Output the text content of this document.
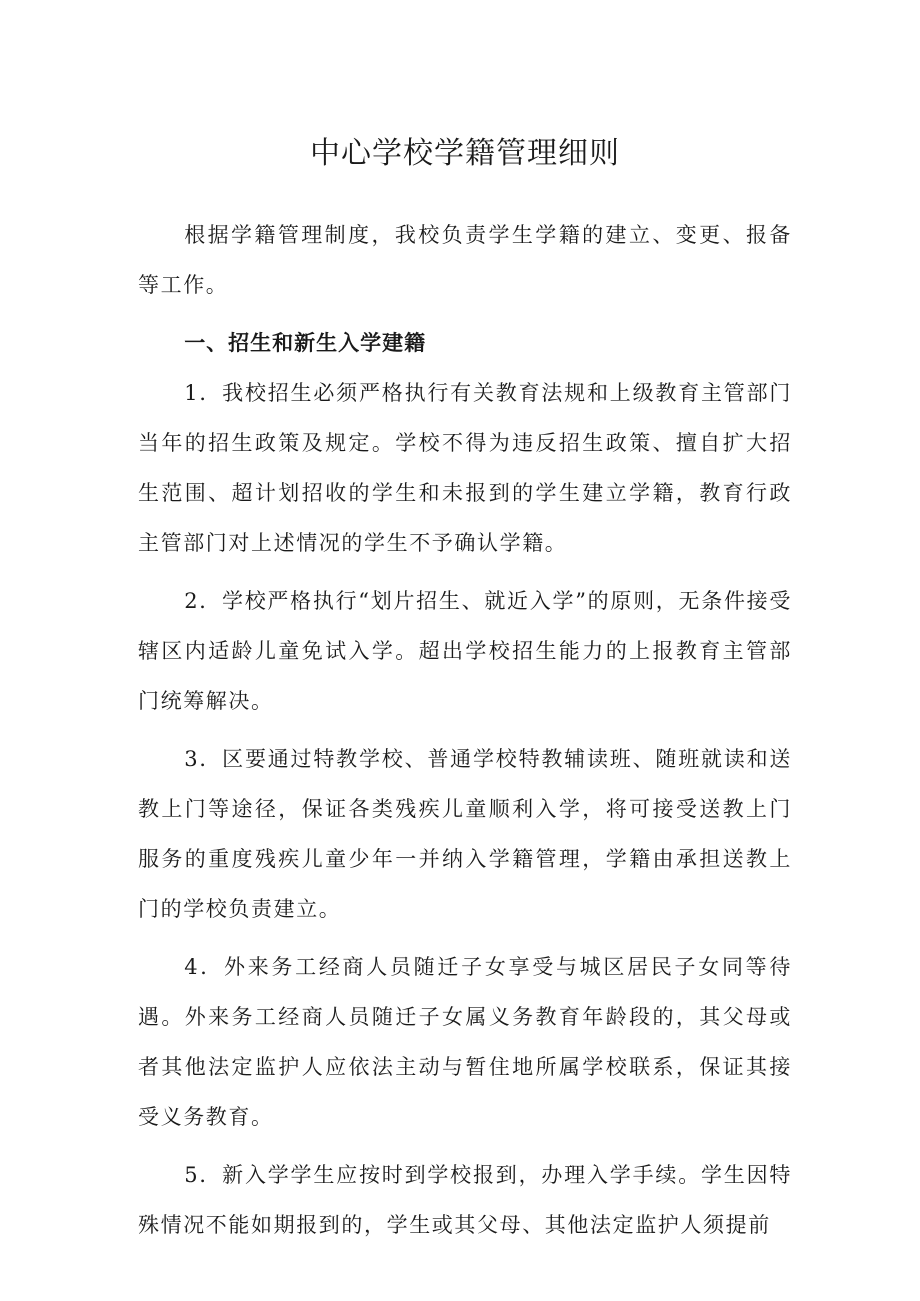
中心学校学籍管理细则

根据学籍管理制度，我校负责学生学籍的建立、变更、报备等工作。

一、招生和新生入学建籍

1．我校招生必须严格执行有关教育法规和上级教育主管部门当年的招生政策及规定。学校不得为违反招生政策、擅自扩大招生范围、超计划招收的学生和未报到的学生建立学籍，教育行政主管部门对上述情况的学生不予确认学籍。

2．学校严格执行“划片招生、就近入学”的原则，无条件接受辖区内适龄儿童免试入学。超出学校招生能力的上报教育主管部门统筹解决。

3．区要通过特教学校、普通学校特教辅读班、随班就读和送教上门等途径，保证各类残疾儿童顺利入学，将可接受送教上门服务的重度残疾儿童少年一并纳入学籍管理，学籍由承担送教上门的学校负责建立。

4．外来务工经商人员随迁子女享受与城区居民子女同等待遇。外来务工经商人员随迁子女属义务教育年龄段的，其父母或者其他法定监护人应依法主动与暂住地所属学校联系，保证其接受义务教育。

5．新入学学生应按时到学校报到，办理入学手续。学生因特殊情况不能如期报到的，学生或其父母、其他法定监护人须提前
